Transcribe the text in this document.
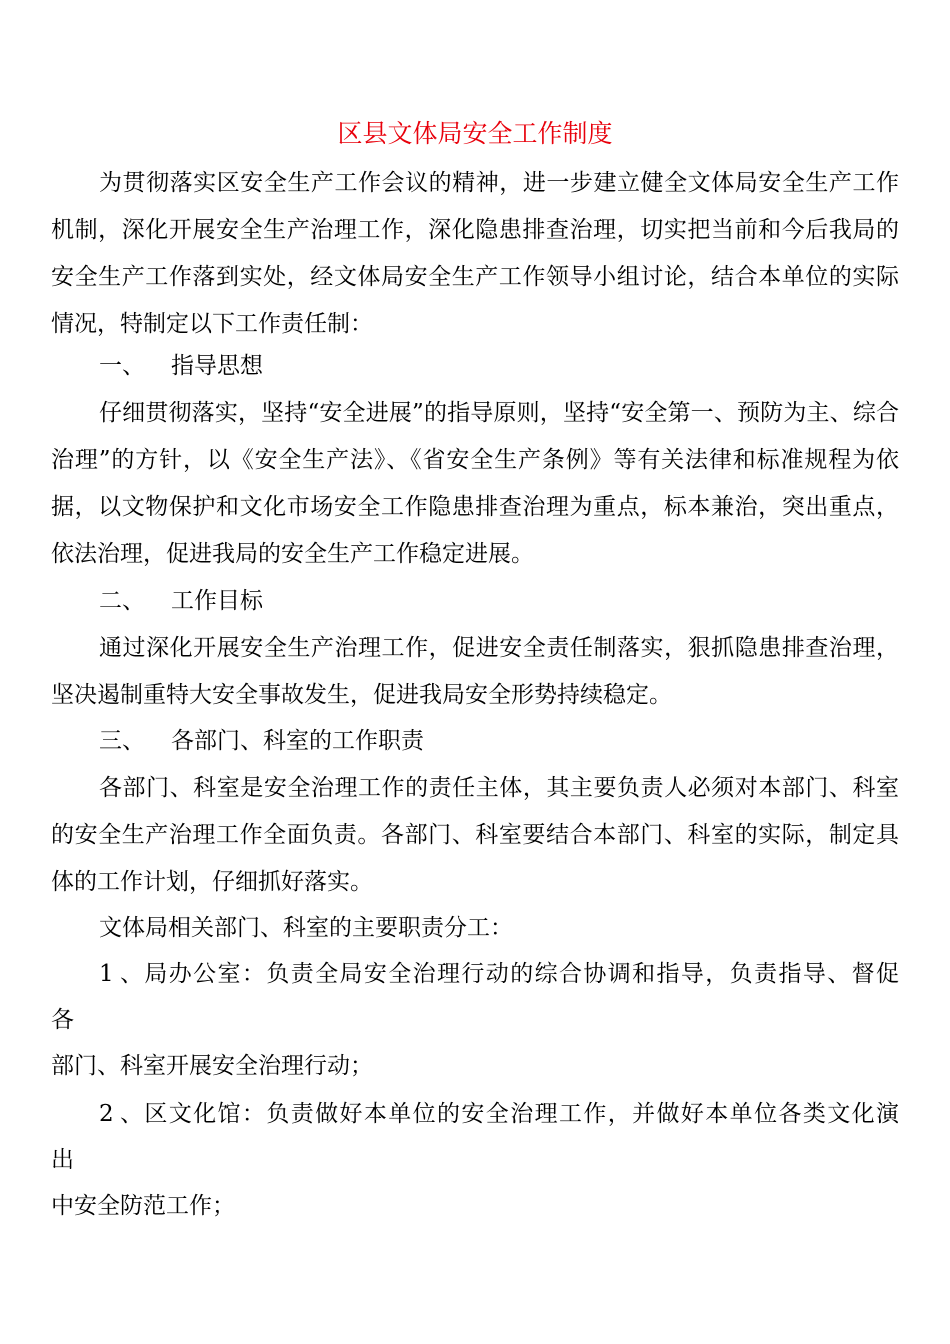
区县文体局安全工作制度
为贯彻落实区安全生产工作会议的精神，进一步建立健全文体局安全生产工作机制，深化开展安全生产治理工作，深化隐患排查治理，切实把当前和今后我局的安全生产工作落到实处，经文体局安全生产工作领导小组讨论，结合本单位的实际情况，特制定以下工作责任制：
一、 指导思想
仔细贯彻落实，坚持“安全进展”的指导原则，坚持“安全第一、预防为主、综合治理”的方针，以《安全生产法》、《省安全生产条例》等有关法律和标准规程为依据，以文物保护和文化市场安全工作隐患排查治理为重点，标本兼治，突出重点，依法治理，促进我局的安全生产工作稳定进展。
二、 工作目标
通过深化开展安全生产治理工作，促进安全责任制落实，狠抓隐患排查治理，坚决遏制重特大安全事故发生，促进我局安全形势持续稳定。
三、 各部门、科室的工作职责
各部门、科室是安全治理工作的责任主体，其主要负责人必须对本部门、科室的安全生产治理工作全面负责。各部门、科室要结合本部门、科室的实际，制定具体的工作计划，仔细抓好落实。
文体局相关部门、科室的主要职责分工：
1、局办公室：负责全局安全治理行动的综合协调和指导，负责指导、督促
各
部门、科室开展安全治理行动；
2、区文化馆：负责做好本单位的安全治理工作，并做好本单位各类文化演
出
中安全防范工作；
